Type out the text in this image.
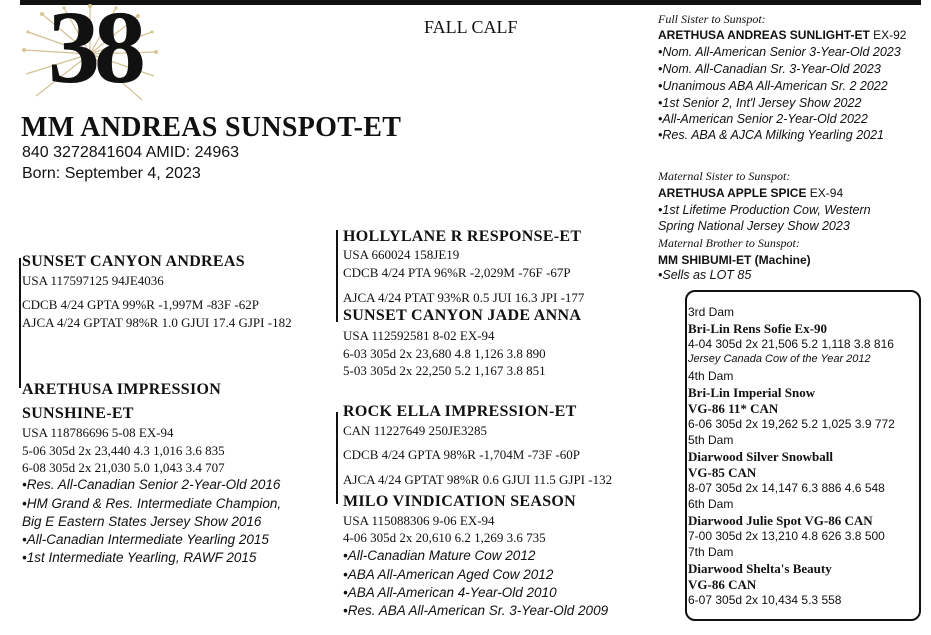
38	FALL CALF
MM ANDREAS SUNSPOT-ET
840 3272841604 AMID: 24963
Born: September 4, 2023
SUNSET CANYON ANDREAS
USA 117597125 94JE4036
CDCB 4/24 GPTA 99%R -1,997M -83F -62P
AJCA 4/24 GPTAT 98%R 1.0 GJUI 17.4 GJPI -182
ARETHUSA IMPRESSION
SUNSHINE-ET
USA 118786696 5-08 EX-94
5-06 305d 2x 23,440 4.3 1,016 3.6 835
6-08 305d 2x 21,030 5.0 1,043 3.4 707
•Res. All-Canadian Senior 2-Year-Old 2016
•HM Grand & Res. Intermediate Champion,
Big E Eastern States Jersey Show 2016
•All-Canadian Intermediate Yearling 2015
•1st Intermediate Yearling, RAWF 2015
HOLLYLANE R RESPONSE-ET
USA 660024 158JE19
CDCB 4/24 PTA 96%R -2,029M -76F -67P
AJCA 4/24 PTAT 93%R 0.5 JUI 16.3 JPI -177
SUNSET CANYON JADE ANNA
USA 112592581 8-02 EX-94
6-03 305d 2x 23,680 4.8 1,126 3.8 890
5-03 305d 2x 22,250 5.2 1,167 3.8 851
ROCK ELLA IMPRESSION-ET
CAN 11227649 250JE3285
CDCB 4/24 GPTA 98%R -1,704M -73F -60P
AJCA 4/24 GPTAT 98%R 0.6 GJUI 11.5 GJPI -132
MILO VINDICATION SEASON
USA 115088306 9-06 EX-94
4-06 305d 2x 20,610 6.2 1,269 3.6 735
•All-Canadian Mature Cow 2012
•ABA All-American Aged Cow 2012
•ABA All-American 4-Year-Old 2010
•Res. ABA All-American Sr. 3-Year-Old 2009
Full Sister to Sunspot:
ARETHUSA ANDREAS SUNLIGHT-ET EX-92
•Nom. All-American Senior 3-Year-Old 2023
•Nom. All-Canadian Sr. 3-Year-Old 2023
•Unanimous ABA All-American Sr. 2 2022
•1st Senior 2, Int'l Jersey Show 2022
•All-American Senior 2-Year-Old 2022
•Res. ABA & AJCA Milking Yearling 2021
Maternal Sister to Sunspot:
ARETHUSA APPLE SPICE EX-94
•1st Lifetime Production Cow, Western
Spring National Jersey Show 2023
Maternal Brother to Sunspot:
MM SHIBUMI-ET (Machine)
•Sells as LOT 85
3rd Dam
Bri-Lin Rens Sofie Ex-90
4-04 305d 2x 21,506 5.2 1,118 3.8 816
Jersey Canada Cow of the Year 2012
4th Dam
Bri-Lin Imperial Snow
VG-86 11* CAN
6-06 305d 2x 19,262 5.2 1,025 3.9 772
5th Dam
Diarwood Silver Snowball
VG-85 CAN
8-07 305d 2x 14,147 6.3 886 4.6 548
6th Dam
Diarwood Julie Spot VG-86 CAN
7-00 305d 2x 13,210 4.8 626 3.8 500
7th Dam
Diarwood Shelta's Beauty
VG-86 CAN
6-07 305d 2x 10,434 5.3 558
